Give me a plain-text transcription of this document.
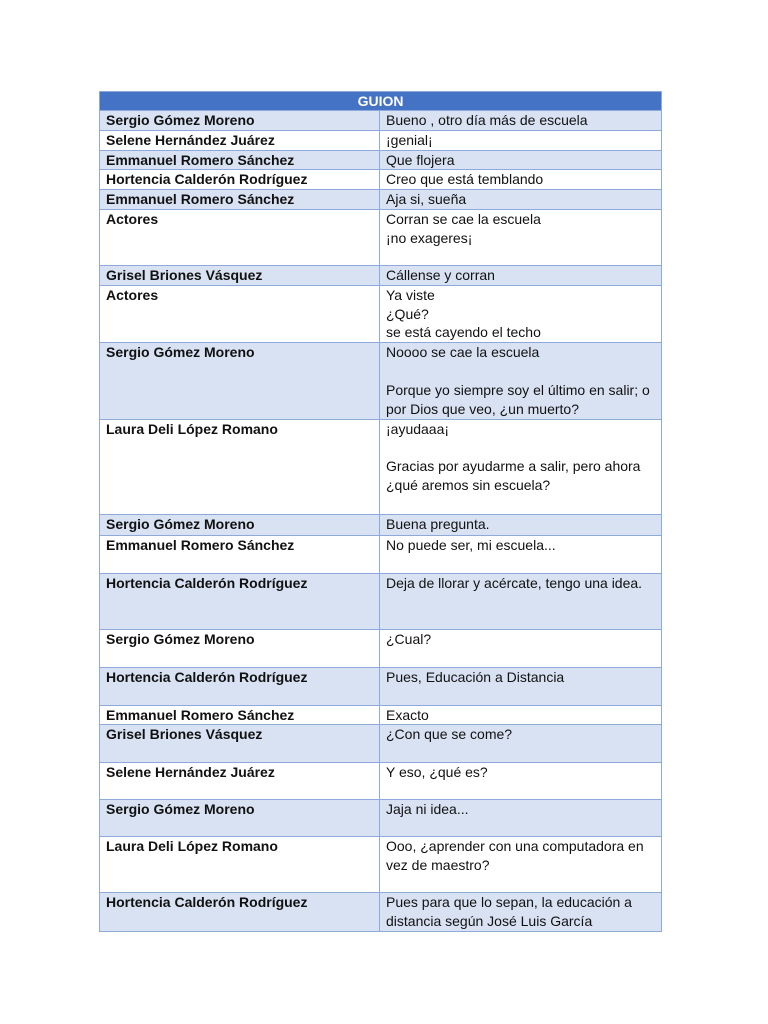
GUION	
Sergio Gómez Moreno	Bueno , otro día más de escuela

Selene Hernández Juárez	¡genial¡

Emmanuel Romero Sánchez	Que flojera

Hortencia Calderón Rodríguez	Creo que está temblando

Emmanuel Romero Sánchez	Aja si, sueña

Actores	Corran se cae la escuela
¡no exageres¡

Grisel Briones Vásquez	Cállense y corran

Actores	Ya viste
¿Qué?
se está cayendo el techo

Sergio Gómez Moreno	Noooo se cae la escuela
Porque yo siempre soy el último en salir; o por Dios que veo, ¿un muerto?

Laura Deli López Romano	¡ayudaaa¡
Gracias por ayudarme a salir, pero ahora ¿qué aremos sin escuela?

Sergio Gómez Moreno	Buena pregunta.

Emmanuel Romero Sánchez	No puede ser, mi escuela...

Hortencia Calderón Rodríguez	Deja de llorar y acércate, tengo una idea.

Sergio Gómez Moreno	¿Cual?

Hortencia Calderón Rodríguez	Pues, Educación a Distancia

Emmanuel Romero Sánchez	Exacto

Grisel Briones Vásquez	¿Con que se come?

Selene Hernández Juárez	Y eso, ¿qué es?

Sergio Gómez Moreno	Jaja ni idea...

Laura Deli López Romano	Ooo, ¿aprender con una computadora en vez de maestro?

Hortencia Calderón Rodríguez	Pues para que lo sepan, la educación a distancia según José Luis García
